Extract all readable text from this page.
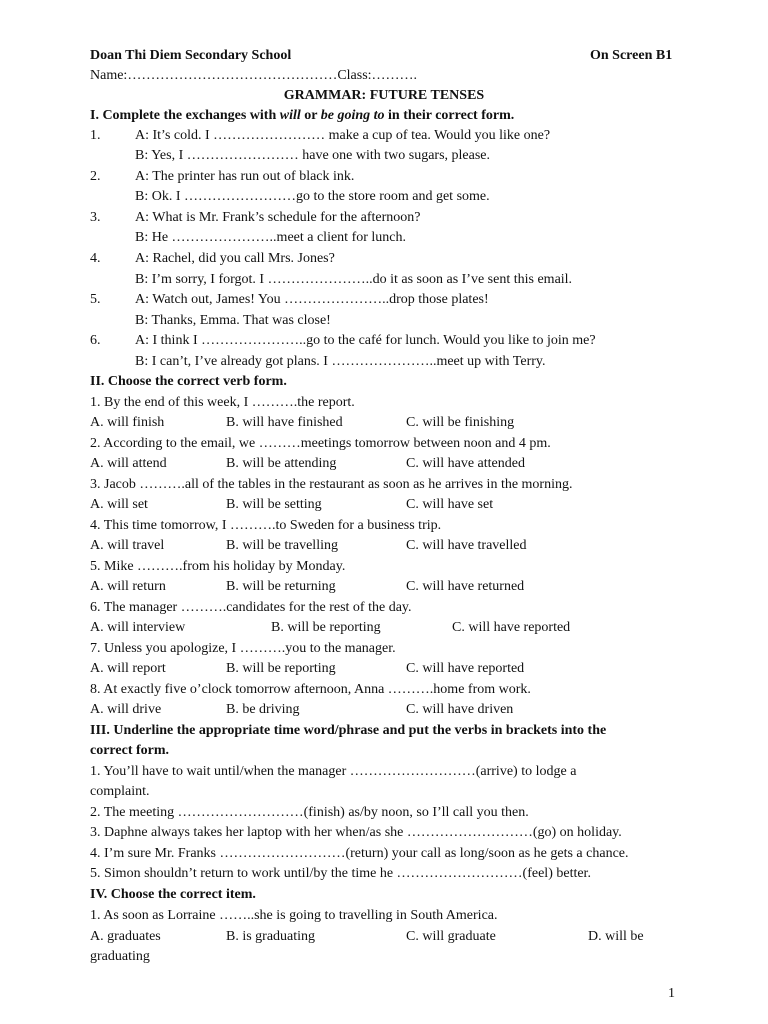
Doan Thi Diem Secondary School	On Screen B1
Name:………………………………………Class:……….
GRAMMAR: FUTURE TENSES
I. Complete the exchanges with will or be going to in their correct form.
1. A: It’s cold. I …………………… make a cup of tea. Would you like one?
B: Yes, I …………………… have one with two sugars, please.
2. A: The printer has run out of black ink.
B: Ok. I ……………………go to the store room and get some.
3. A: What is Mr. Frank’s schedule for the afternoon?
B: He …………………..meet a client for lunch.
4. A: Rachel, did you call Mrs. Jones?
B: I’m sorry, I forgot. I …………………..do it as soon as I’ve sent this email.
5. A: Watch out, James! You …………………..drop those plates!
B: Thanks, Emma. That was close!
6. A: I think I …………………..go to the café for lunch. Would you like to join me?
B: I can’t, I’ve already got plans. I …………………..meet up with Terry.
II. Choose the correct verb form.
1. By the end of this week, I ……….the report.
A. will finish	B. will have finished	C. will be finishing
2. According to the email, we ………meetings tomorrow between noon and 4 pm.
A. will attend	B. will be attending	C. will have attended
3. Jacob ……….all of the tables in the restaurant as soon as he arrives in the morning.
A. will set	B. will be setting	C. will have set
4. This time tomorrow, I ……….to Sweden for a business trip.
A. will travel	B. will be travelling	C. will have travelled
5. Mike ……….from his holiday by Monday.
A. will return	B. will be returning	C. will have returned
6. The manager ……….candidates for the rest of the day.
A. will interview	B. will be reporting	C. will have reported
7. Unless you apologize, I ……….you to the manager.
A. will report	B. will be reporting	C. will have reported
8. At exactly five o’clock tomorrow afternoon, Anna ……….home from work.
A. will drive	B. be driving	C. will have driven
III. Underline the appropriate time word/phrase and put the verbs in brackets into the
correct form.
1. You’ll have to wait until/when the manager ………………………(arrive) to lodge a
complaint.
2. The meeting ………………………(finish) as/by noon, so I’ll call you then.
3. Daphne always takes her laptop with her when/as she ………………………(go) on holiday.
4. I’m sure Mr. Franks ………………………(return) your call as long/soon as he gets a chance.
5. Simon shouldn’t return to work until/by the time he ………………………(feel) better.
IV. Choose the correct item.
1. As soon as Lorraine ……..she is going to travelling in South America.
A. graduates	B. is graduating	C. will graduate	D. will be
graduating
1
